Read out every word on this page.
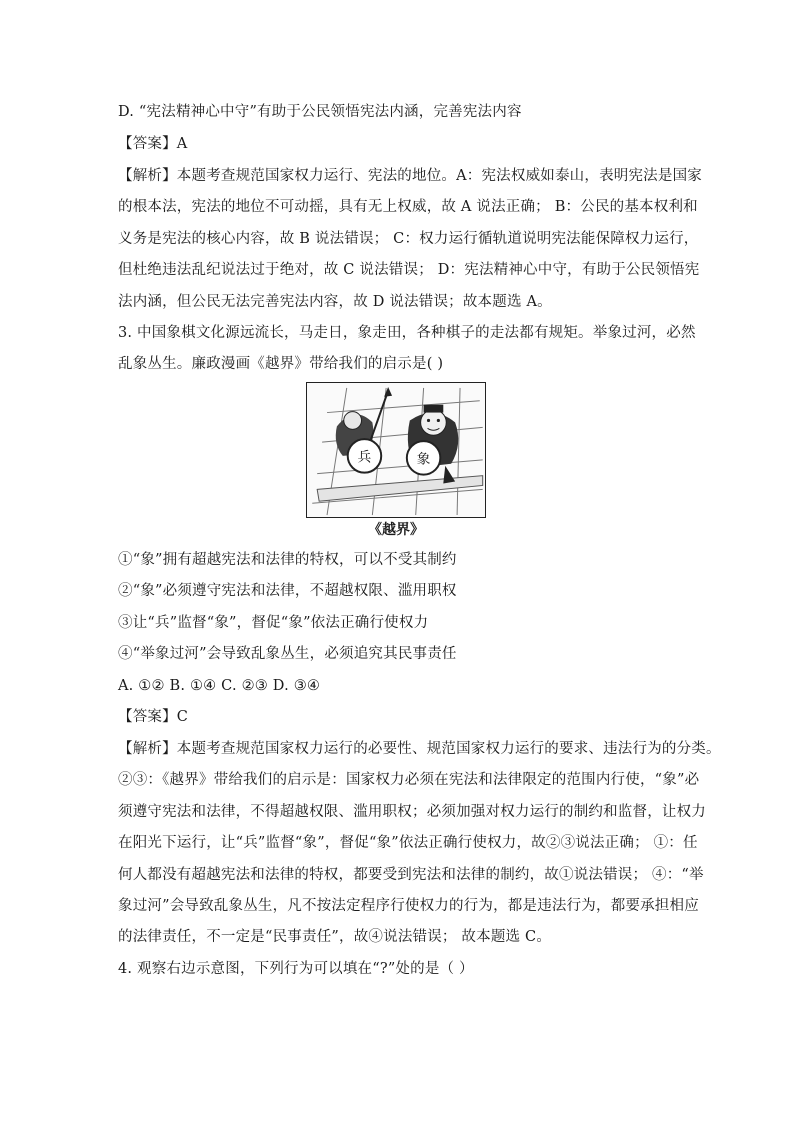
D. “宪法精神心中守”有助于公民领悟宪法内涵，完善宪法内容
【答案】A
【解析】本题考查规范国家权力运行、宪法的地位。A：宪法权威如泰山，表明宪法是国家
的根本法，宪法的地位不可动摇，具有无上权威，故 A 说法正确； B：公民的基本权利和
义务是宪法的核心内容，故 B 说法错误； C：权力运行循轨道说明宪法能保障权力运行，
但杜绝违法乱纪说法过于绝对，故 C 说法错误； D：宪法精神心中守，有助于公民领悟宪
法内涵，但公民无法完善宪法内容，故 D 说法错误；故本题选 A。
3. 中国象棋文化源远流长，马走日，象走田，各种棋子的走法都有规矩。举象过河，必然
乱象丛生。廉政漫画《越界》带给我们的启示是( )
兵	象
《越界》
①“象”拥有超越宪法和法律的特权，可以不受其制约
②“象”必须遵守宪法和法律，不超越权限、滥用职权
③让“兵”监督“象”，督促“象”依法正确行使权力
④“举象过河”会导致乱象丛生，必须追究其民事责任
A. ①② B. ①④ C. ②③ D. ③④
【答案】C
【解析】本题考查规范国家权力运行的必要性、规范国家权力运行的要求、违法行为的分类。
②③：《越界》带给我们的启示是：国家权力必须在宪法和法律限定的范围内行使，“象”必
须遵守宪法和法律，不得超越权限、滥用职权；必须加强对权力运行的制约和监督，让权力
在阳光下运行，让“兵”监督“象”，督促“象”依法正确行使权力，故②③说法正确； ①：任
何人都没有超越宪法和法律的特权，都要受到宪法和法律的制约，故①说法错误； ④：“举
象过河”会导致乱象丛生，凡不按法定程序行使权力的行为，都是违法行为，都要承担相应
的法律责任，不一定是“民事责任”，故④说法错误； 故本题选 C。
4. 观察右边示意图，下列行为可以填在“?”处的是（ ）
